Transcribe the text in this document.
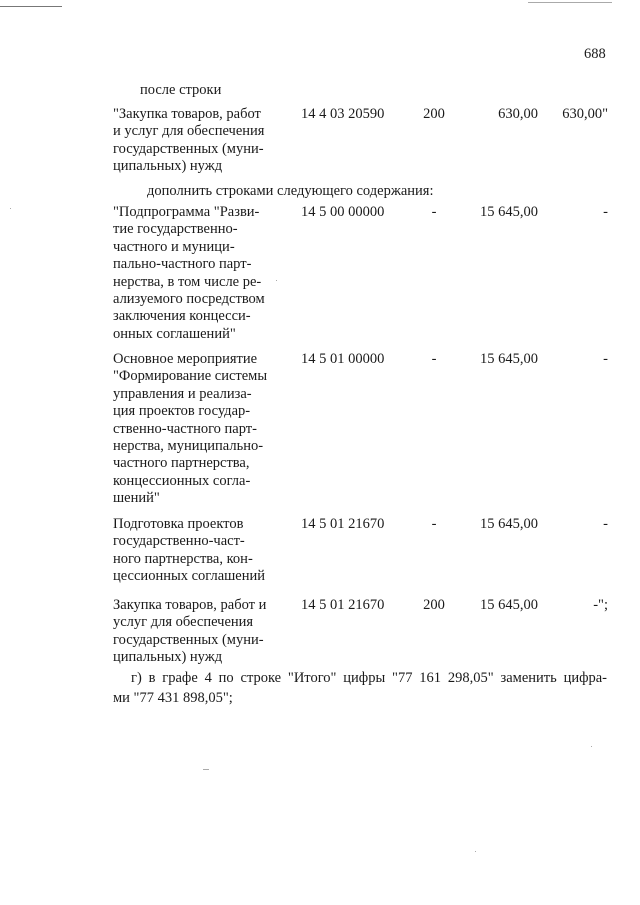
688
после строки
"Закупка товаров, работ
и услуг для обеспечения
государственных (муни-
ципальных) нужд
14 4 03 20590	200	630,00	630,00"
дополнить строками следующего содержания:
"Подпрограмма "Разви-
тие государственно-
частного и муници-
пально-частного парт-
нерства, в том числе ре-
ализуемого посредством
заключения концесси-
онных соглашений"
14 5 00 00000	-	15 645,00	-
Основное мероприятие
"Формирование системы
управления и реализа-
ция проектов государ-
ственно-частного парт-
нерства, муниципально-
частного партнерства,
концессионных согла-
шений"
14 5 01 00000	-	15 645,00	-
Подготовка проектов
государственно-част-
ного партнерства, кон-
цессионных соглашений
14 5 01 21670	-	15 645,00	-
Закупка товаров, работ и
услуг для обеспечения
государственных (муни-
ципальных) нужд
14 5 01 21670	200	15 645,00	-";
г) в графе 4 по строке "Итого" цифры "77 161 298,05" заменить цифра-
ми "77 431 898,05";
